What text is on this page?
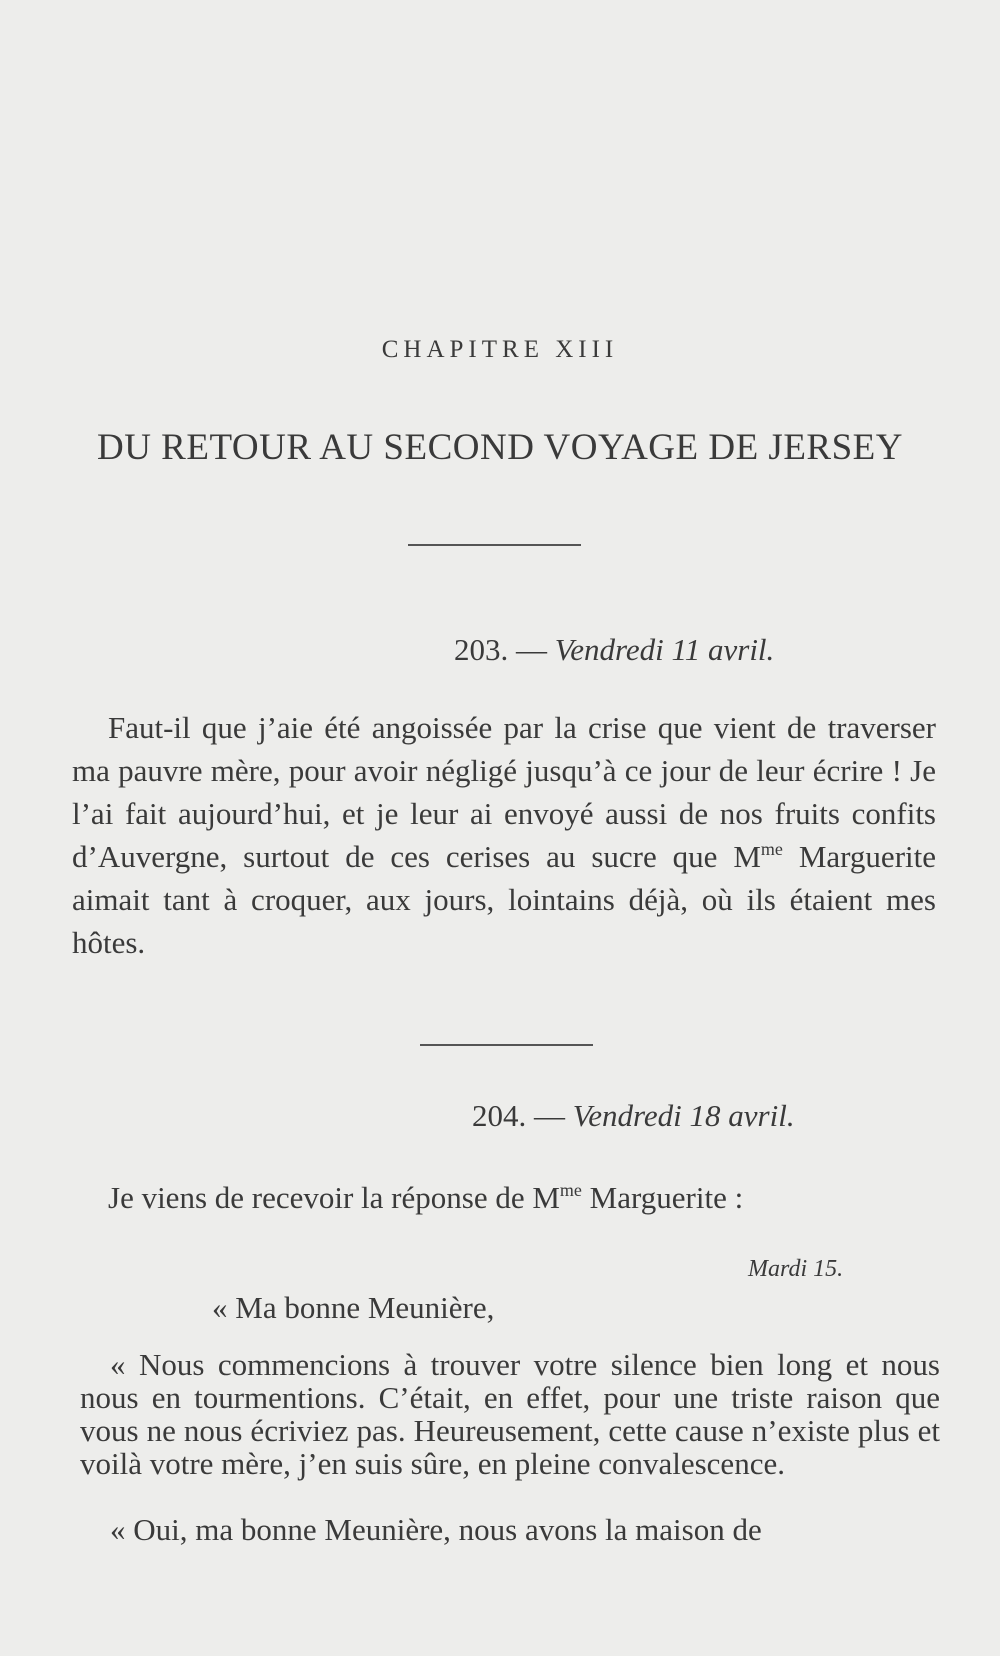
CHAPITRE XIII

DU RETOUR AU SECOND VOYAGE DE JERSEY
203. — Vendredi 11 avril.

Faut-il que j’aie été angoissée par la crise que vient de traverser ma pauvre mère, pour avoir négligé jusqu’à ce jour de leur écrire ! Je l’ai fait aujourd’hui, et je leur ai envoyé aussi de nos fruits confits d’Auvergne, surtout de ces cerises au sucre que $M^{me}$ Marguerite aimait tant à croquer, aux jours, lointains déjà, où ils étaient mes hôtes.

204. — Vendredi 18 avril.

Je viens de recevoir la réponse de $M^{me}$ Marguerite :

Mardi 15.
« Ma bonne Meunière,

« Nous commencions à trouver votre silence bien long et nous nous en tourmentions. C’était, en effet, pour une triste raison que vous ne nous écriviez pas. Heureusement, cette cause n’existe plus et voilà votre mère, j’en suis sûre, en pleine convalescence.

« Oui, ma bonne Meunière, nous avons la maison de
